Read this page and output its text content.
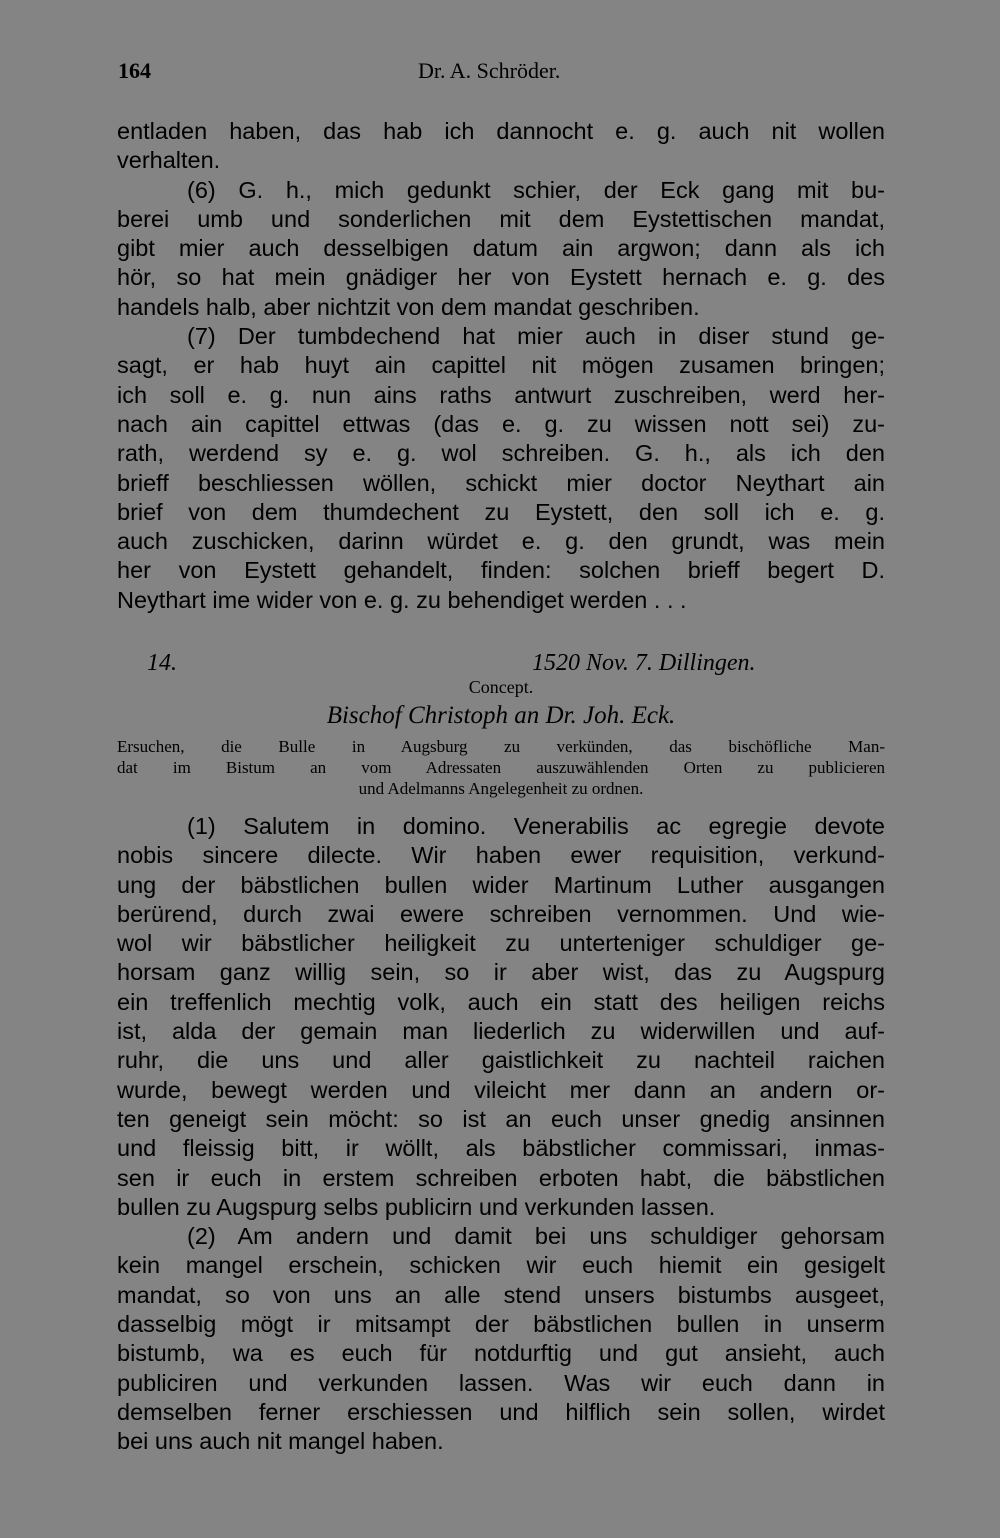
164	Dr. A. Schröder.
entladen haben, das hab ich dannocht e. g. auch nit wollen
verhalten.
(6) G. h., mich gedunkt schier, der Eck gang mit bu-
berei umb und sonderlichen mit dem Eystettischen mandat,
gibt mier auch desselbigen datum ain argwon; dann als ich
hör, so hat mein gnädiger her von Eystett hernach e. g. des
handels halb, aber nichtzit von dem mandat geschriben.
(7) Der tumbdechend hat mier auch in diser stund ge-
sagt, er hab huyt ain capittel nit mögen zusamen bringen;
ich soll e. g. nun ains raths antwurt zuschreiben, werd her-
nach ain capittel ettwas (das e. g. zu wissen nott sei) zu-
rath, werdend sy e. g. wol schreiben. G. h., als ich den
brieff beschliessen wöllen, schickt mier doctor Neythart ain
brief von dem thumdechent zu Eystett, den soll ich e. g.
auch zuschicken, darinn würdet e. g. den grundt, was mein
her von Eystett gehandelt, finden: solchen brieff begert D.
Neythart ime wider von e. g. zu behendiget werden . . .
14.	1520 Nov. 7. Dillingen.
Concept.
Bischof Christoph an Dr. Joh. Eck.
Ersuchen, die Bulle in Augsburg zu verkünden, das bischöfliche Man-
dat im Bistum an vom Adressaten auszuwählenden Orten zu publicieren
und Adelmanns Angelegenheit zu ordnen.
(1) Salutem in domino. Venerabilis ac egregie devote
nobis sincere dilecte. Wir haben ewer requisition, verkund-
ung der bäbstlichen bullen wider Martinum Luther ausgangen
berürend, durch zwai ewere schreiben vernommen. Und wie-
wol wir bäbstlicher heiligkeit zu unterteniger schuldiger ge-
horsam ganz willig sein, so ir aber wist, das zu Augspurg
ein treffenlich mechtig volk, auch ein statt des heiligen reichs
ist, alda der gemain man liederlich zu widerwillen und auf-
ruhr, die uns und aller gaistlichkeit zu nachteil raichen
wurde, bewegt werden und vileicht mer dann an andern or-
ten geneigt sein möcht: so ist an euch unser gnedig ansinnen
und fleissig bitt, ir wöllt, als bäbstlicher commissari, inmas-
sen ir euch in erstem schreiben erboten habt, die bäbstlichen
bullen zu Augspurg selbs publicirn und verkunden lassen.
(2) Am andern und damit bei uns schuldiger gehorsam
kein mangel erschein, schicken wir euch hiemit ein gesigelt
mandat, so von uns an alle stend unsers bistumbs ausgeet,
dasselbig mögt ir mitsampt der bäbstlichen bullen in unserm
bistumb, wa es euch für notdurftig und gut ansieht, auch
publiciren und verkunden lassen. Was wir euch dann in
demselben ferner erschiessen und hilflich sein sollen, wirdet
bei uns auch nit mangel haben.
